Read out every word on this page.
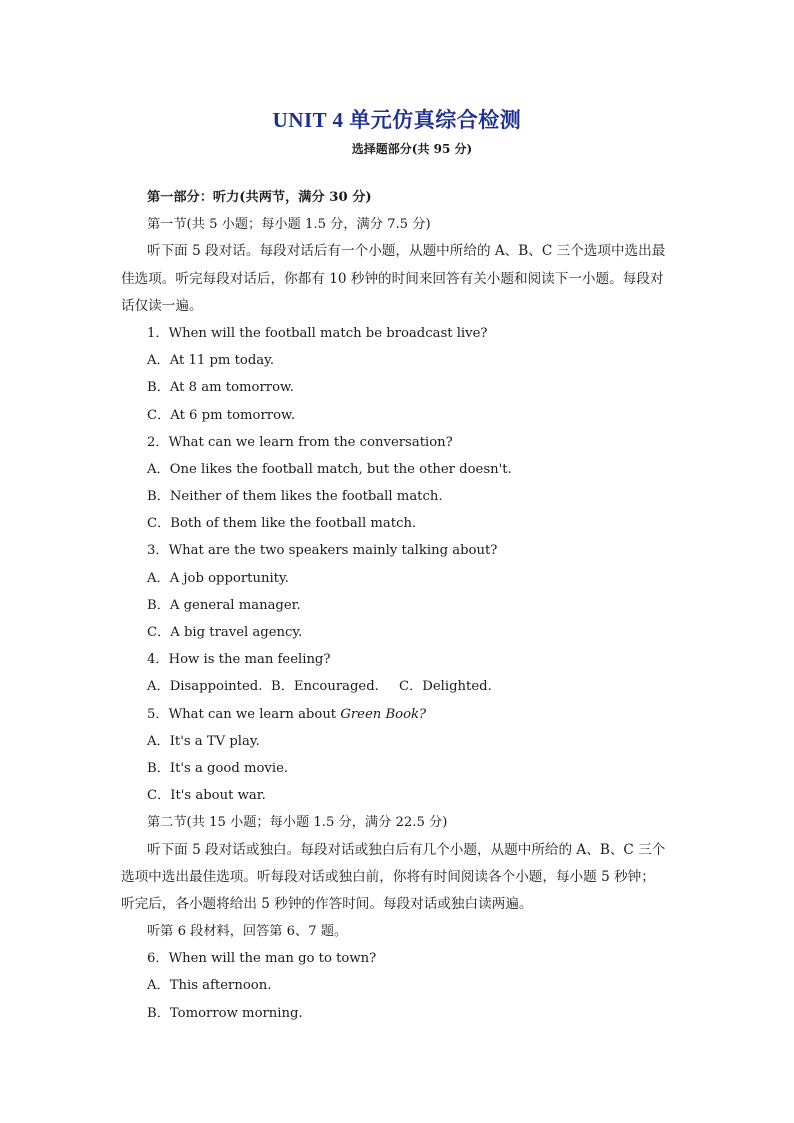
UNIT 4 单元仿真综合检测

选择题部分(共 95 分)

第一部分：听力(共两节，满分 30 分)

第一节(共 5 小题；每小题 1.5 分，满分 7.5 分)

听下面 5 段对话。每段对话后有一个小题，从题中所给的 A、B、C 三个选项中选出最

佳选项。听完每段对话后，你都有 10 秒钟的时间来回答有关小题和阅读下一小题。每段对

话仅读一遍。

1．When will the football match be broadcast live?

A．At 11 pm today.

B．At 8 am tomorrow.

C．At 6 pm tomorrow.

2．What can we learn from the conversation?

A．One likes the football match, but the other doesn't.

B．Neither of them likes the football match.

C．Both of them like the football match.

3．What are the two speakers mainly talking about?

A．A job opportunity.

B．A general manager.

C．A big travel agency.

4．How is the man feeling?

A．Disappointed. B．Encouraged. C．Delighted.

5．What can we learn about Green Book?

A．It's a TV play.

B．It's a good movie.

C．It's about war.

第二节(共 15 小题；每小题 1.5 分，满分 22.5 分)

听下面 5 段对话或独白。每段对话或独白后有几个小题，从题中所给的 A、B、C 三个

选项中选出最佳选项。听每段对话或独白前，你将有时间阅读各个小题，每小题 5 秒钟；

听完后，各小题将给出 5 秒钟的作答时间。每段对话或独白读两遍。

听第 6 段材料，回答第 6、7 题。

6．When will the man go to town?

A．This afternoon.

B．Tomorrow morning.
